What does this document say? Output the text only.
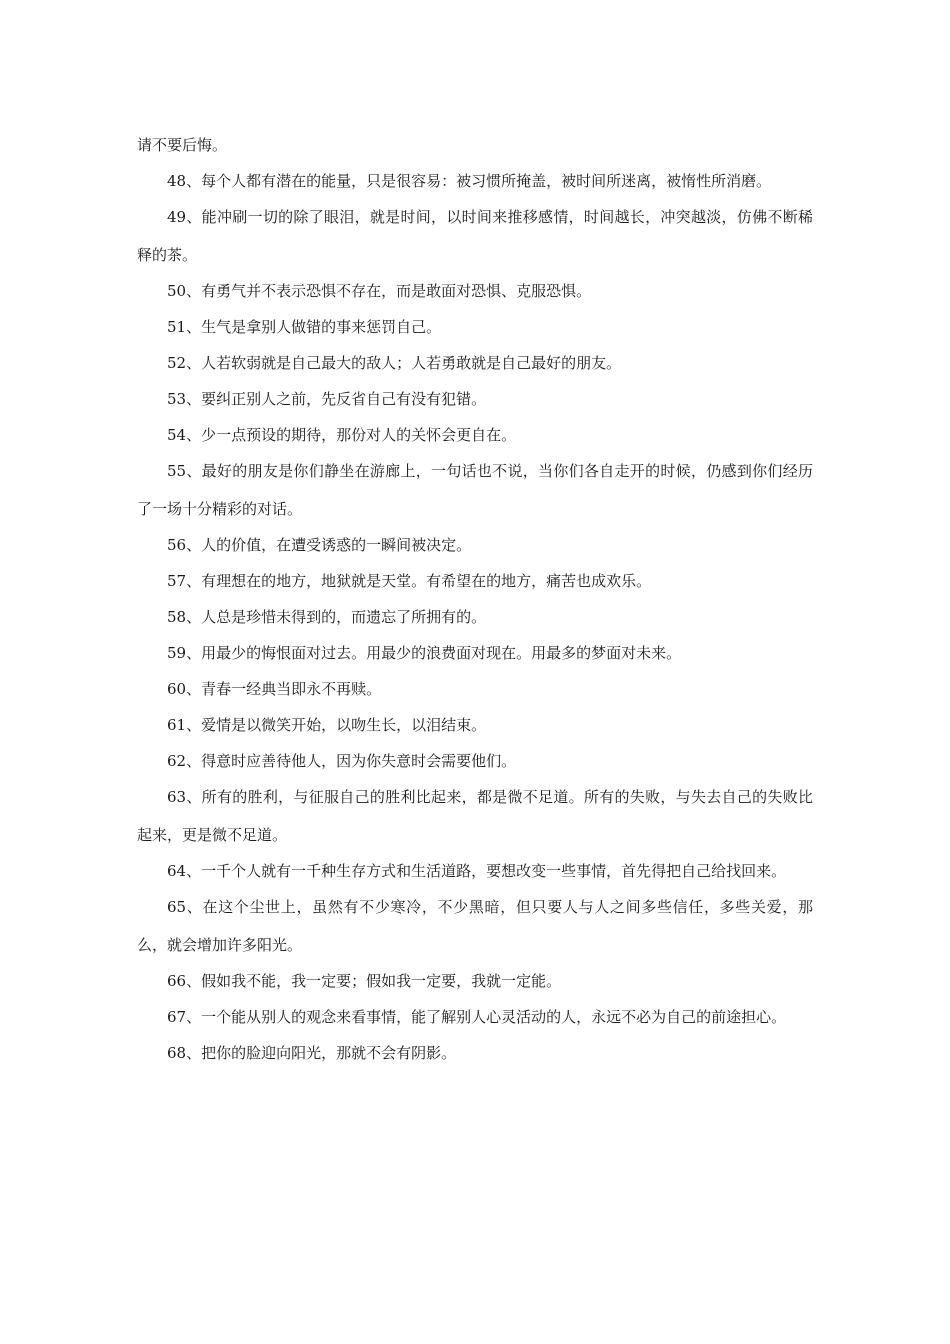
请不要后悔。

48、每个人都有潜在的能量，只是很容易：被习惯所掩盖，被时间所迷离，被惰性所消磨。

49、能冲刷一切的除了眼泪，就是时间，以时间来推移感情，时间越长，冲突越淡，仿佛不断稀释的茶。

50、有勇气并不表示恐惧不存在，而是敢面对恐惧、克服恐惧。

51、生气是拿别人做错的事来惩罚自己。

52、人若软弱就是自己最大的敌人；人若勇敢就是自己最好的朋友。

53、要纠正别人之前，先反省自己有没有犯错。

54、少一点预设的期待，那份对人的关怀会更自在。

55、最好的朋友是你们静坐在游廊上，一句话也不说，当你们各自走开的时候，仍感到你们经历了一场十分精彩的对话。

56、人的价值，在遭受诱惑的一瞬间被决定。

57、有理想在的地方，地狱就是天堂。有希望在的地方，痛苦也成欢乐。

58、人总是珍惜未得到的，而遗忘了所拥有的。

59、用最少的悔恨面对过去。用最少的浪费面对现在。用最多的梦面对未来。

60、青春一经典当即永不再赎。

61、爱情是以微笑开始，以吻生长，以泪结束。

62、得意时应善待他人，因为你失意时会需要他们。

63、所有的胜利，与征服自己的胜利比起来，都是微不足道。所有的失败，与失去自己的失败比起来，更是微不足道。

64、一千个人就有一千种生存方式和生活道路，要想改变一些事情，首先得把自己给找回来。

65、在这个尘世上，虽然有不少寒冷，不少黑暗，但只要人与人之间多些信任，多些关爱，那么，就会增加许多阳光。

66、假如我不能，我一定要；假如我一定要，我就一定能。

67、一个能从别人的观念来看事情，能了解别人心灵活动的人，永远不必为自己的前途担心。

68、把你的脸迎向阳光，那就不会有阴影。
